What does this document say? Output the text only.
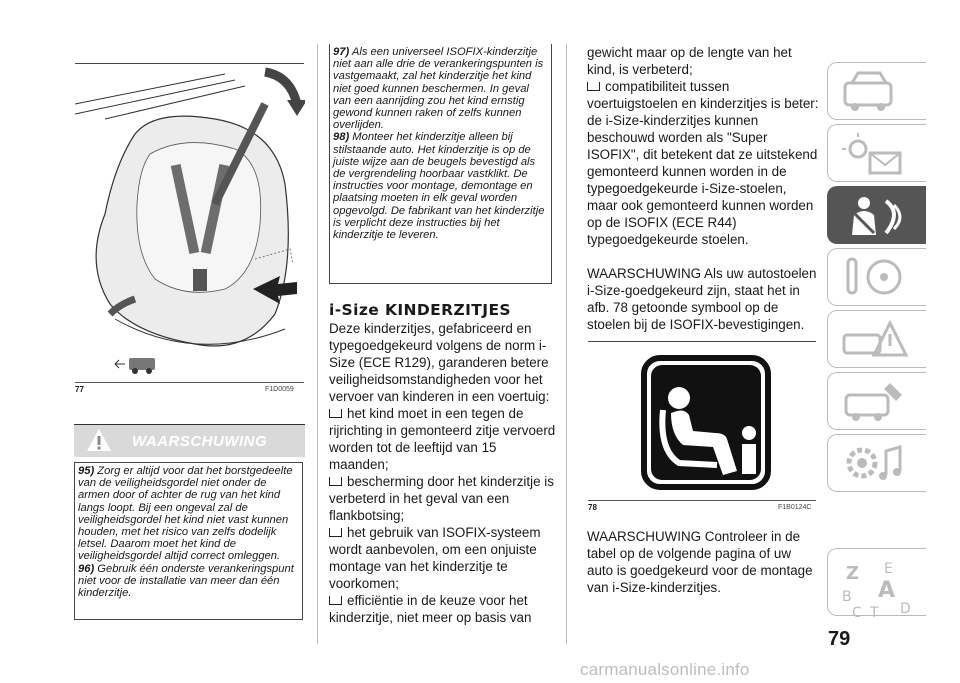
77	F1D0059
WAARSCHUWING

95) Zorg er altijd voor dat het borstgedeelte van de veiligheidsgordel niet onder de armen door of achter de rug van het kind langs loopt. Bij een ongeval zal de veiligheidsgordel het kind niet vast kunnen houden, met het risico van zelfs dodelijk letsel. Daarom moet het kind de veiligheidsgordel altijd correct omleggen.

96) Gebruik één onderste verankeringspunt niet voor de installatie van meer dan één kinderzitje.

97) Als een universeel ISOFIX-kinderzitje niet aan alle drie de verankeringspunten is vastgemaakt, zal het kinderzitje het kind niet goed kunnen beschermen. In geval van een aanrijding zou het kind ernstig gewond kunnen raken of zelfs kunnen overlijden.

98) Monteer het kinderzitje alleen bij stilstaande auto. Het kinderzitje is op de juiste wijze aan de beugels bevestigd als de vergrendeling hoorbaar vastklikt. De instructies voor montage, demontage en plaatsing moeten in elk geval worden opgevolgd. De fabrikant van het kinderzitje is verplicht deze instructies bij het kinderzitje te leveren.

i-Size KINDERZITJES

Deze kinderzitjes, gefabriceerd en typegoedgekeurd volgens de norm i-Size (ECE R129), garanderen betere veiligheidsomstandigheden voor het vervoer van kinderen in een voertuig:

het kind moet in een tegen de rijrichting in gemonteerd zitje vervoerd worden tot de leeftijd van 15 maanden;

bescherming door het kinderzitje is verbeterd in het geval van een flankbotsing;

het gebruik van ISOFIX-systeem wordt aanbevolen, om een onjuiste montage van het kinderzitje te voorkomen;

efficiëntie in de keuze voor het kinderzitje, niet meer op basis van

gewicht maar op de lengte van het kind, is verbeterd;

compatibiliteit tussen voertuigstoelen en kinderzitjes is beter: de i-Size-kinderzitjes kunnen beschouwd worden als "Super ISOFIX", dit betekent dat ze uitstekend gemonteerd kunnen worden in de typegoedgekeurde i-Size-stoelen, maar ook gemonteerd kunnen worden op de ISOFIX (ECE R44) typegoedgekeurde stoelen.

WAARSCHUWING Als uw autostoelen i-Size-goedgekeurd zijn, staat het in afb. 78 getoonde symbool op de stoelen bij de ISOFIX-bevestigingen.

78	F1B0124C

WAARSCHUWING Controleer in de tabel op de volgende pagina of uw auto is goedgekeurd voor de montage van i-Size-kinderzitjes.

Z E
B A
C T D
79
carmanualsonline.info
